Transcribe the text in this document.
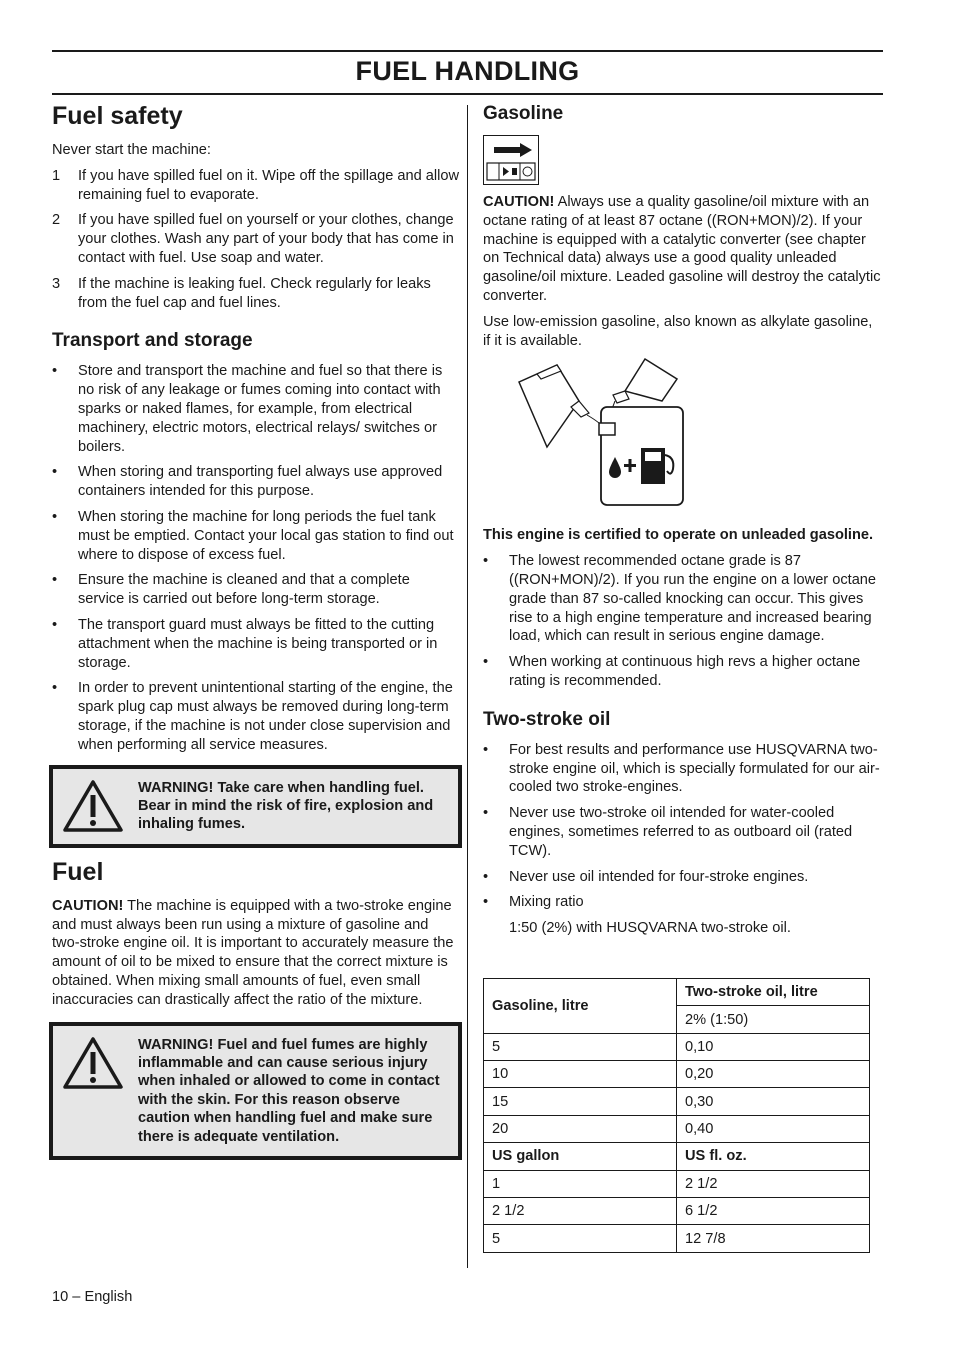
FUEL HANDLING
Fuel safety

Never start the machine:

1 If you have spilled fuel on it. Wipe off the spillage and allow remaining fuel to evaporate.
2 If you have spilled fuel on yourself or your clothes, change your clothes. Wash any part of your body that has come in contact with fuel. Use soap and water.
3 If the machine is leaking fuel. Check regularly for leaks from the fuel cap and fuel lines.
Transport and storage
• Store and transport the machine and fuel so that there is no risk of any leakage or fumes coming into contact with sparks or naked flames, for example, from electrical machinery, electric motors, electrical relays/ switches or boilers.
• When storing and transporting fuel always use approved containers intended for this purpose.
• When storing the machine for long periods the fuel tank must be emptied. Contact your local gas station to find out where to dispose of excess fuel.
• Ensure the machine is cleaned and that a complete service is carried out before long-term storage.
• The transport guard must always be fitted to the cutting attachment when the machine is being transported or in storage.
• In order to prevent unintentional starting of the engine, the spark plug cap must always be removed during long-term storage, if the machine is not under close supervision and when performing all service measures.
WARNING! Take care when handling fuel. Bear in mind the risk of fire, explosion and inhaling fumes.
Fuel

CAUTION! The machine is equipped with a two-stroke engine and must always been run using a mixture of gasoline and two-stroke engine oil. It is important to accurately measure the amount of oil to be mixed to ensure that the correct mixture is obtained. When mixing small amounts of fuel, even small inaccuracies can drastically affect the ratio of the mixture.

WARNING! Fuel and fuel fumes are highly inflammable and can cause serious injury when inhaled or allowed to come in contact with the skin. For this reason observe caution when handling fuel and make sure there is adequate ventilation.
Gasoline

CAUTION! Always use a quality gasoline/oil mixture with an octane rating of at least 87 octane ((RON+MON)/2). If your machine is equipped with a catalytic converter (see chapter on Technical data) always use a good quality unleaded gasoline/oil mixture. Leaded gasoline will destroy the catalytic converter.

Use low-emission gasoline, also known as alkylate gasoline, if it is available.

This engine is certified to operate on unleaded gasoline.

• The lowest recommended octane grade is 87 ((RON+MON)/2). If you run the engine on a lower octane grade than 87 so-called knocking can occur. This gives rise to a high engine temperature and increased bearing load, which can result in serious engine damage.
• When working at continuous high revs a higher octane rating is recommended.
Two-stroke oil
• For best results and performance use HUSQVARNA two-stroke engine oil, which is specially formulated for our air-cooled two stroke-engines.
• Never use two-stroke oil intended for water-cooled engines, sometimes referred to as outboard oil (rated TCW).
• Never use oil intended for four-stroke engines.
• Mixing ratio
1:50 (2%) with HUSQVARNA two-stroke oil.
Gasoline, litre	Two-stroke oil, litre
	2% (1:50)
5	0,10
10	0,20
15	0,30
20	0,40
US gallon	US fl. oz.
1	2 1/2
2 1/2	6 1/2
5	12 7/8
10 – English
